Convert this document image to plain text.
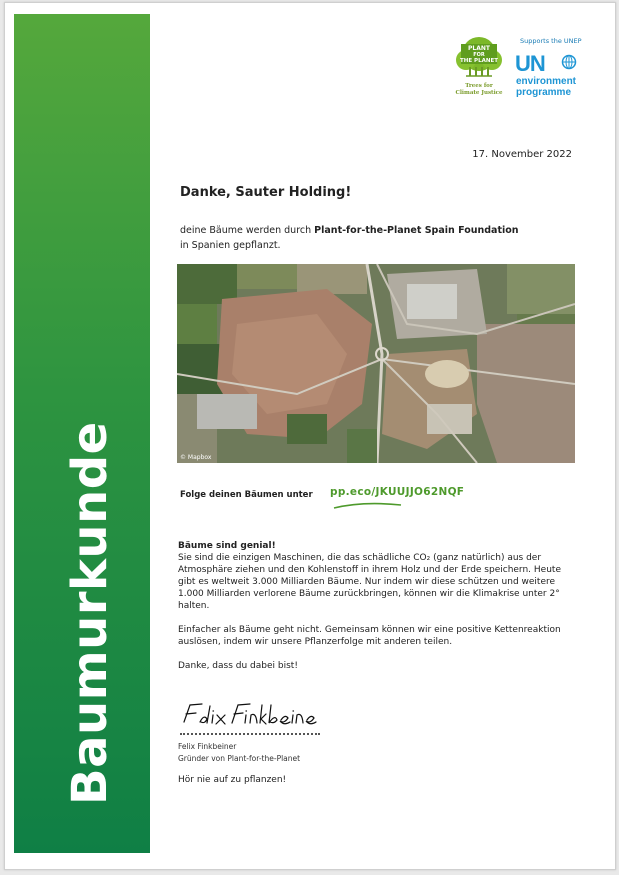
Baumurkunde
PLANT
FOR
THE PLANET
Trees for
Climate Justice
Supports the UNEP
UN
environment
programme
17. November 2022
Danke, Sauter Holding!
deine Bäume werden durch Plant-for-the-Planet Spain Foundation
in Spanien gepflanzt.
© Mapbox
Folge deinen Bäumen unter pp.eco/JKUUJJO62NQF
Bäume sind genial!

Sie sind die einzigen Maschinen, die das schädliche CO₂ (ganz natürlich) aus der Atmosphäre ziehen und den Kohlenstoff in ihrem Holz und der Erde speichern. Heute gibt es weltweit 3.000 Milliarden Bäume. Nur indem wir diese schützen und weitere 1.000 Milliarden verlorene Bäume zurückbringen, können wir die Klimakrise unter 2° halten.

Einfacher als Bäume geht nicht. Gemeinsam können wir eine positive Kettenreaktion auslösen, indem wir unsere Pflanzerfolge mit anderen teilen.

Danke, dass du dabei bist!

Felix Finkbeiner
Gründer von Plant-for-the-Planet
Hör nie auf zu pflanzen!
